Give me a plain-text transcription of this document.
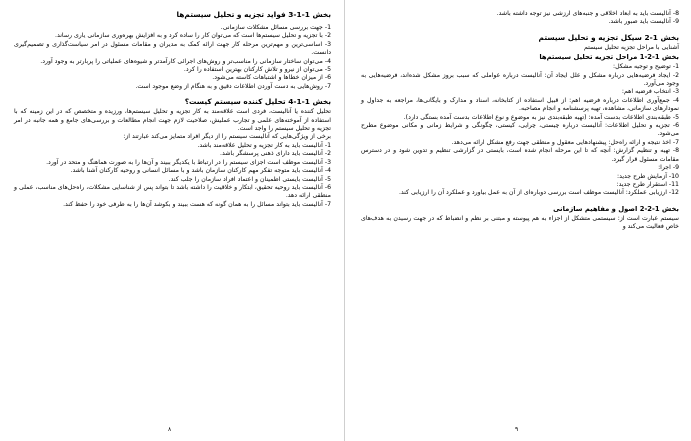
بخش 1-1-3 فواید تجزیه و تحلیل سیستم‌ها

1- جهت بررسی مسائل مشکلات سازمانی.

2- با تجزیه و تحلیل سیستم‌ها است که می‌توان کار را ساده کرد و به افزایش بهره‌وری سازمانی یاری رساند.

3- اساسی‌ترین و مهم‌ترین مرحله کار جهت ارائه کمک به مدیران و مقامات مسئول در امر سیاست‌گذاری و تصمیم‌گیری دانست.

4- می‌توان ساختار سازمانی را مناسب‌تر و روش‌های اجرائی کارآمدتر و شیوه‌های عملیاتی را پربارتر به وجود آورد.

5- می‌توان از نیرو و تلاش کارکنان بهترین استفاده را کرد.

6- از میزان خطاها و اشتباهات کاسته می‌شود.

7- روش‌هایی به دست آوردن اطلاعات دقیق و به هنگام از وضع موجود است.

بخش 1-1-4 تحلیل کننده سیستم کیست؟

تحلیل کننده یا آنالیست، فردی است علاقه‌مند به کار تجزیه و تحلیل سیستم‌ها، ورزیده و متخصص که در این زمینه که با استفاده از آموخته‌های علمی و تجارب عملیش، صلاحیت لازم جهت انجام مطالعات و بررسی‌های جامع و همه جانبه در امر تجزیه و تحلیل سیستم را واجد است.

برخی از ویژگی‌هایی که آنالیست سیستم را از دیگر افراد متمایز می‌کند عبارتند از:

1- آنالیست باید به کار تجزیه و تحلیل علاقه‌مند باشد.

2- آنالیست باید دارای ذهنی پرسشگر باشد.

3- آنالیست موظف است اجزای سیستم را در ارتباط با یکدیگر ببیند و آن‌ها را به صورت هماهنگ و متحد در آورد.

4- آنالیست باید متوجه تفکر مهم کارکنان سازمان باشد و با مسائل انسانی و روحیه کارکنان آشنا باشد.

5- آنالیست بایستی اطمینان و اعتماد افراد سازمان را جلب کند.

6- آنالیست باید روحیه تحقیق، ابتکار و خلاقیت را داشته باشد تا بتواند پس از شناسایی مشکلات، راه‌حل‌های مناسب، عملی و منطقی ارائه دهد.

7- آنالیست باید بتواند مسائل را به همان گونه که هست ببیند و بکوشد آن‌ها را به طرفی خود را حفظ کند.

٨

8- آنالیست باید به ابعاد اخلاقی و جنبه‌های ارزشی نیز توجه داشته باشد.

9- آنالیست باید صبور باشد.

بخش 1-2 سیکل تجزیه و تحلیل سیستم

آشنایی با مراحل تجزیه تحلیل سیستم

بخش 1-2-1 مراحل تجزیه تحلیل سیستم‌ها

1- توضیح و توجیه مشکل:

2- ایجاد فرضیه‌هایی درباره مشکل و علل ایجاد آن: آنالیست درباره عواملی که سبب بروز مشکل شده‌اند، فرضیه‌هایی به وجود می‌آورد.

3- انتخاب فرضیه اهم:

4- جمع‌آوری اطلاعات درباره فرضیه اهم: از قبیل استفاده از کتابخانه، اسناد و مدارک و بایگانی‌ها، مراجعه به جداول و نمودارهای سازمانی، مشاهده، تهیه پرسشنامه و انجام مصاحبه.

5- طبقه‌بندی اطلاعات بدست آمده: (تهیه طبقه‌بندی نیز به موضوع و نوع اطلاعات بدست آمده بستگی دارد).

6- تجزیه و تحلیل اطلاعات: آنالیست درباره چیستی، چرایی، کیستی، چگونگی و شرایط زمانی و مکانی موضوع مطرح می‌شود.

7- اخذ نتیجه و ارائه راه‌حل: پیشنهادهایی معقول و منطقی جهت رفع مشکل ارائه می‌دهد.

8- تهیه و تنظیم گزارش: آنچه که تا این مرحله انجام شده است، بایستی در گزارشی تنظیم و تدوین شود و در دسترس مقامات مسئول قرار گیرد.

9- اجرا:

10- آزمایش طرح جدید:

11- استقرار طرح جدید:

12- ارزیابی عملکرد: آنالیست موظف است بررسی دوباره‌ای از آن به عمل بیاورد و عملکرد آن را ارزیابی کند.

بخش 1-2-2 اصول و مفاهیم سازمانی

سیستم عبارت است از: سیستمی متشکل از اجزاء به هم پیوسته و مبتنی بر نظم و انضباط که در جهت رسیدن به هدف‌های خاص فعالیت می‌کند و

٩
